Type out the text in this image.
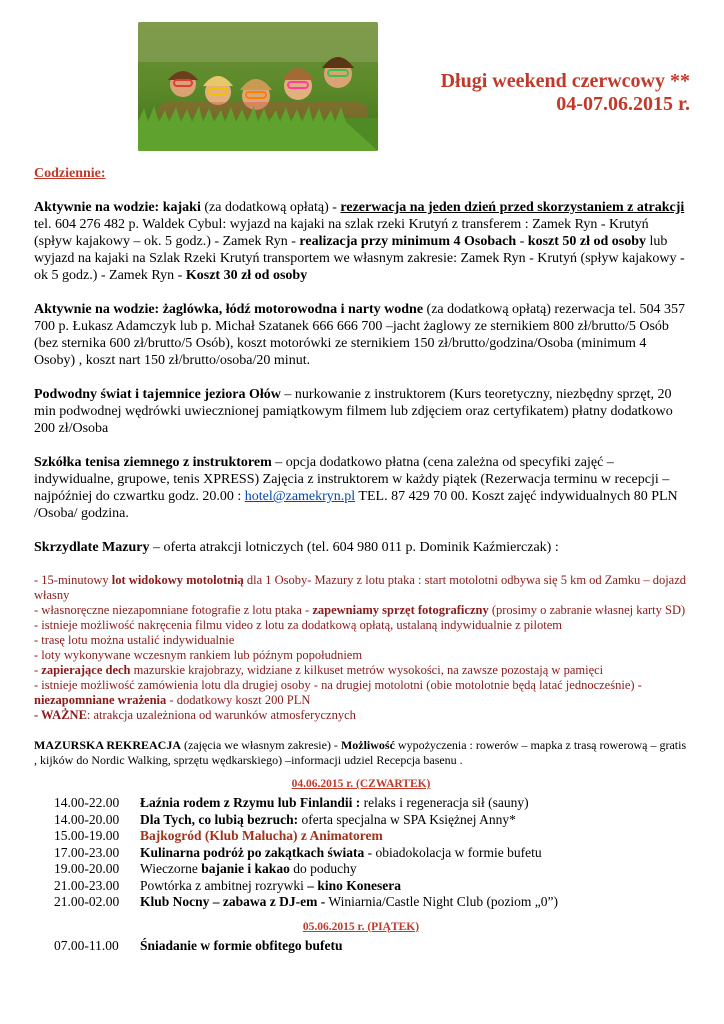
Długi weekend czerwcowy **
04-07.06.2015 r.

Codziennie:

Aktywnie na wodzie: kajaki (za dodatkową opłatą) - rezerwacja na jeden dzień przed skorzystaniem z atrakcji tel. 604 276 482 p. Waldek Cybul: wyjazd na kajaki na szlak rzeki Krutyń z transferem : Zamek Ryn - Krutyń (spływ kajakowy – ok. 5 godz.) - Zamek Ryn - realizacja przy minimum 4 Osobach - koszt 50 zł od osoby lub wyjazd na kajaki na Szlak Rzeki Krutyń transportem we własnym zakresie: Zamek Ryn - Krutyń (spływ kajakowy - ok 5 godz.) - Zamek Ryn - Koszt 30 zł od osoby

Aktywnie na wodzie: żaglówka, łódź motorowodna i narty wodne (za dodatkową opłatą) rezerwacja tel. 504 357 700 p. Łukasz Adamczyk lub p. Michał Szatanek 666 666 700 –jacht żaglowy ze sternikiem 800 zł/brutto/5 Osób (bez sternika 600 zł/brutto/5 Osób), koszt motorówki ze sternikiem 150 zł/brutto/godzina/Osoba (minimum 4 Osoby) , koszt nart 150 zł/brutto/osoba/20 minut.

Podwodny świat i tajemnice jeziora Ołów – nurkowanie z instruktorem (Kurs teoretyczny, niezbędny sprzęt, 20 min podwodnej wędrówki uwiecznionej pamiątkowym filmem lub zdjęciem oraz certyfikatem) płatny dodatkowo 200 zł/Osoba

Szkółka tenisa ziemnego z instruktorem – opcja dodatkowo płatna (cena zależna od specyfiki zajęć – indywidualne, grupowe, tenis XPRESS) Zajęcia z instruktorem w każdy piątek (Rezerwacja terminu w recepcji – najpóźniej do czwartku godz. 20.00 : hotel@zamekryn.pl TEL. 87 429 70 00. Koszt zajęć indywidualnych 80 PLN /Osoba/ godzina.

Skrzydlate Mazury – oferta atrakcji lotniczych (tel. 604 980 011 p. Dominik Kaźmierczak) :

- 15-minutowy lot widokowy motolotnią dla 1 Osoby- Mazury z lotu ptaka : start motolotni odbywa się 5 km od Zamku – dojazd własny
- własnoręczne niezapomniane fotografie z lotu ptaka - zapewniamy sprzęt fotograficzny (prosimy o zabranie własnej karty SD)
- istnieje możliwość nakręcenia filmu video z lotu za dodatkową opłatą, ustalaną indywidualnie z pilotem
- trasę lotu można ustalić indywidualnie
- loty wykonywane wczesnym rankiem lub późnym popołudniem
- zapierające dech mazurskie krajobrazy, widziane z kilkuset metrów wysokości, na zawsze pozostają w pamięci
- istnieje możliwość zamówienia lotu dla drugiej osoby - na drugiej motolotni (obie motolotnie będą latać jednocześnie) - niezapomniane wrażenia - dodatkowy koszt 200 PLN
- WAŻNE: atrakcja uzależniona od warunków atmosferycznych

MAZURSKA REKREACJA (zajęcia we własnym zakresie) - Możliwość wypożyczenia : rowerów – mapka z trasą rowerową – gratis , kijków do Nordic Walking, sprzętu wędkarskiego) –informacji udziel Recepcja basenu .

04.06.2015 r. (CZWARTEK)
14.00-22.00	Łaźnia rodem z Rzymu lub Finlandii : relaks i regeneracja sił (sauny)
14.00-20.00	Dla Tych, co lubią bezruch: oferta specjalna w SPA Księżnej Anny*
15.00-19.00	Bajkogród (Klub Malucha) z Animatorem
17.00-23.00	Kulinarna podróż po zakątkach świata - obiadokolacja w formie bufetu
19.00-20.00	Wieczorne bajanie i kakao do poduchy
21.00-23.00	Powtórka z ambitnej rozrywki – kino Konesera
21.00-02.00	Klub Nocny – zabawa z DJ-em - Winiarnia/Castle Night Club (poziom „0”)
05.06.2015 r. (PIĄTEK)
07.00-11.00	Śniadanie w formie obfitego bufetu
